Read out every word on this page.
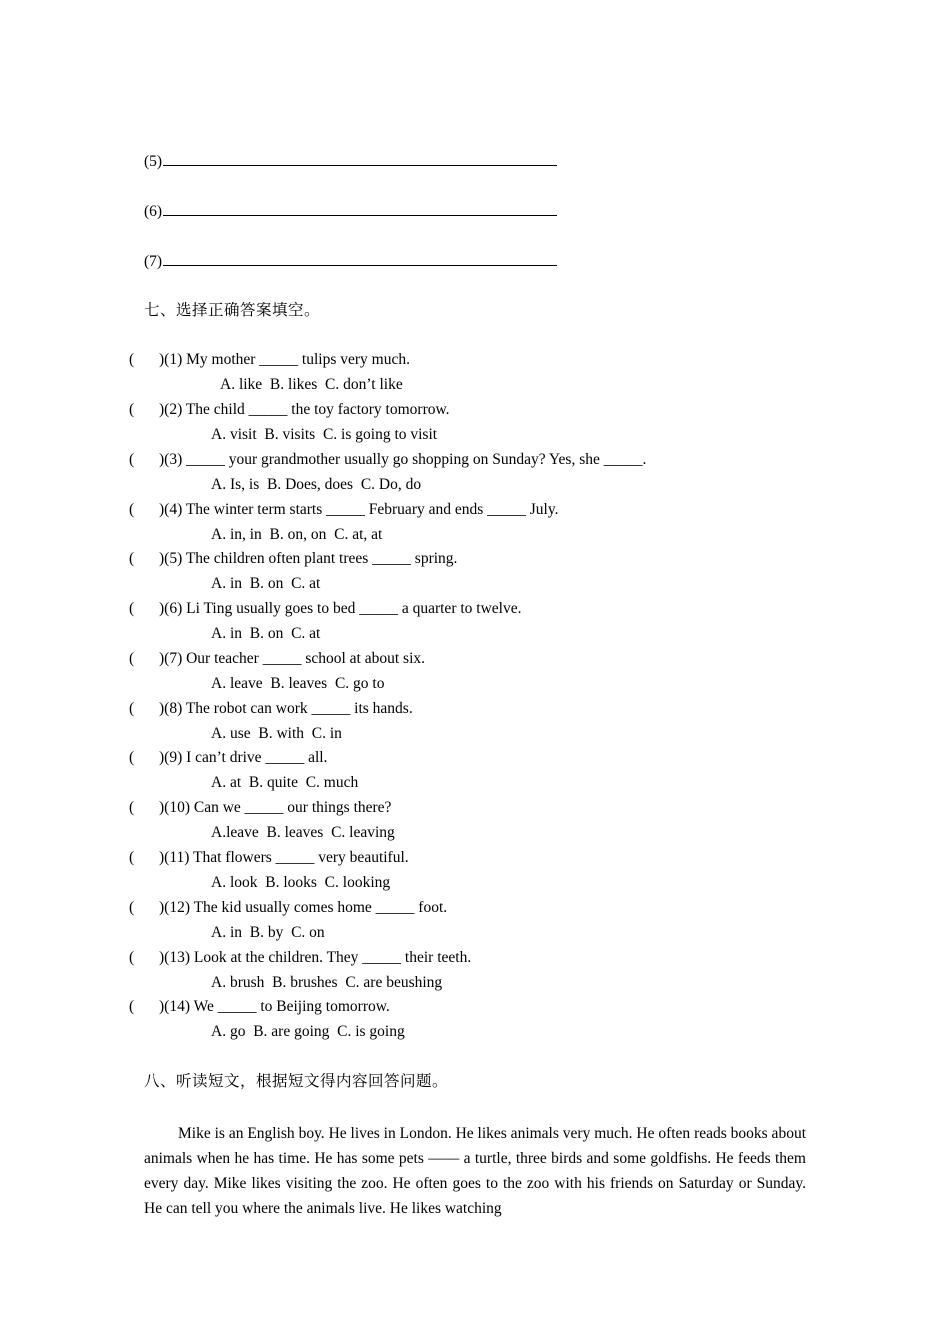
(5)
(6)
(7)
七、选择正确答案填空。
( )(1) My mother _____ tulips very much.
A. like  B. likes  C. don’t like
( )(2) The child _____ the toy factory tomorrow.
A. visit  B. visits  C. is going to visit
( )(3) _____ your grandmother usually go shopping on Sunday? Yes, she _____.
A. Is, is  B. Does, does  C. Do, do
( )(4) The winter term starts _____ February and ends _____ July.
A. in, in  B. on, on  C. at, at
( )(5) The children often plant trees _____ spring.
A. in  B. on  C. at
( )(6) Li Ting usually goes to bed _____ a quarter to twelve.
A. in  B. on  C. at
( )(7) Our teacher _____ school at about six.
A. leave  B. leaves  C. go to
( )(8) The robot can work _____ its hands.
A. use  B. with  C. in
( )(9) I can’t drive _____ all.
A. at  B. quite  C. much
( )(10) Can we _____ our things there?
A.leave  B. leaves  C. leaving
( )(11) That flowers _____ very beautiful.
A. look  B. looks  C. looking
( )(12) The kid usually comes home _____ foot.
A. in  B. by  C. on
( )(13) Look at the children. They _____ their teeth.
A. brush  B. brushes  C. are beushing
( )(14) We _____ to Beijing tomorrow.
A. go  B. are going  C. is going
八、听读短文，根据短文得内容回答问题。
Mike is an English boy. He lives in London. He likes animals very much. He often reads books about animals when he has time. He has some pets —— a turtle, three birds and some goldfishs. He feeds them every day. Mike likes visiting the zoo. He often goes to the zoo with his friends on Saturday or Sunday. He can tell you where the animals live. He likes watching
